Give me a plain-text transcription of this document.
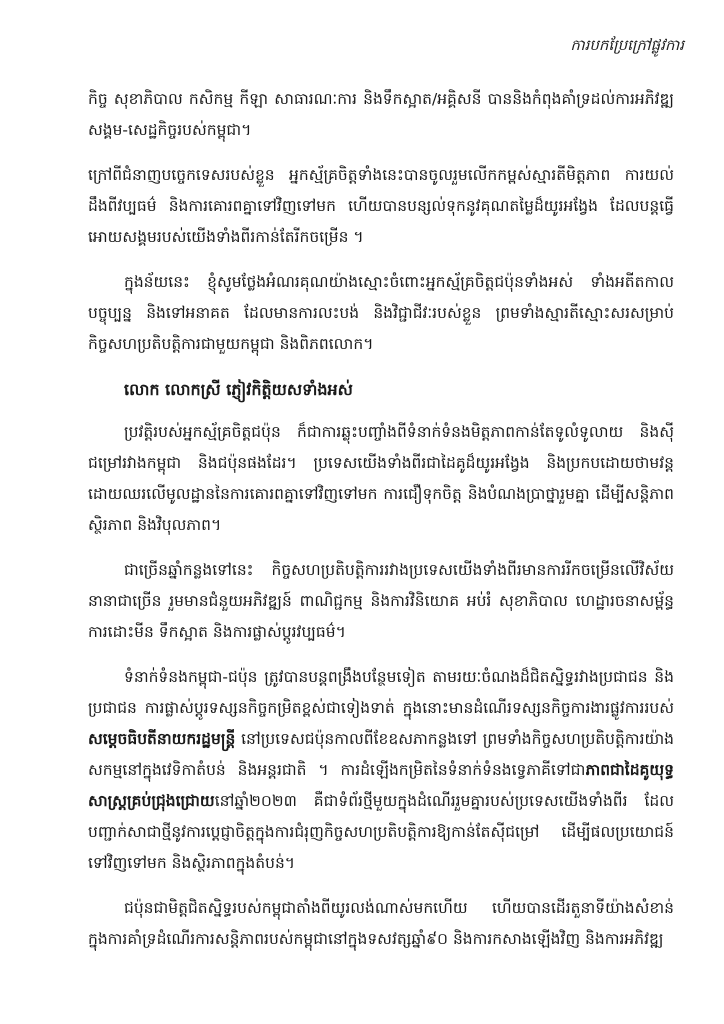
ការបកប្រែក្រៅផ្លូវការ

កិច្ច សុខាភិបាល កសិកម្ម កីឡា សាធារណៈការ និងទឹកស្អាត/អគ្គិសនី បាននិងកំពុងគាំទ្រដល់ការអភិវឌ្ឍសង្គម-សេដ្ឋកិច្ចរបស់កម្ពុជា។

ក្រៅពីជំនាញបច្ចេកទេសរបស់ខ្លួន អ្នកស្ម័គ្រចិត្តទាំងនេះបានចូលរួមលើកកម្ពស់ស្មារតីមិត្តភាព ការយល់ដឹងពីវប្បធម៌ និងការគោរពគ្នាទៅវិញទៅមក ហើយបានបន្សល់ទុកនូវគុណតម្លៃដ៏យូរអង្វែង ដែលបន្តធ្វើអោយសង្គមរបស់យើងទាំងពីរកាន់តែរីកចម្រើន ។

ក្នុងន័យនេះ ខ្ញុំសូមថ្លែងអំណរគុណយ៉ាងស្មោះចំពោះអ្នកស្ម័គ្រចិត្តជប៉ុនទាំងអស់ ទាំងអតីតកាល បច្ចុប្បន្ន និងទៅអនាគត ដែលមានការលះបង់ និងវិជ្ជាជីវៈរបស់ខ្លួន ព្រមទាំងស្មារតីស្មោះសរសម្រាប់កិច្ចសហប្រតិបត្តិការជាមួយកម្ពុជា និងពិភពលោក។

លោក លោកស្រី ភ្ញៀវកិត្តិយសទាំងអស់

ប្រវត្តិរបស់អ្នកស្ម័គ្រចិត្តជប៉ុន ក៏ជាការឆ្លុះបញ្ចាំងពីទំនាក់ទំនងមិត្តភាពកាន់តែទូលំទូលាយ និងស៊ីជម្រៅរវាងកម្ពុជា និងជប៉ុនផងដែរ។ ប្រទេសយើងទាំងពីរជាដៃគូដ៏យូរអង្វែង និងប្រកបដោយថាមវន្ត ដោយឈរលើមូលដ្ឋាននៃការគោរពគ្នាទៅវិញទៅមក ការជឿទុកចិត្ត និងបំណងប្រាថ្នារួមគ្នា ដើម្បីសន្តិភាព ស្ថិរភាព និងវិបុលភាព។

ជាច្រើនឆ្នាំកន្លងទៅនេះ កិច្ចសហប្រតិបត្តិការរវាងប្រទេសយើងទាំងពីរមានការរីកចម្រើនលើវិស័យនានាជាច្រើន រួមមានជំនួយអភិវឌ្ឍន៍ ពាណិជ្ជកម្ម និងការវិនិយោគ អប់រំ សុខាភិបាល ហេដ្ឋារចនាសម្ព័ន្ធ ការដោះមីន ទឹកស្អាត និងការផ្លាស់ប្តូរវប្បធម៌។

ទំនាក់ទំនងកម្ពុជា-ជប៉ុន ត្រូវបានបន្តពង្រឹងបន្ថែមទៀត តាមរយៈចំណងដ៏ជិតស្និទ្ធរវាងប្រជាជន និងប្រជាជន ការផ្លាស់ប្តូរទស្សនកិច្ចកម្រិតខ្ពស់ជាទៀងទាត់ ក្នុងនោះមានដំណើរទស្សនកិច្ចការងារផ្លូវការរបស់សម្តេចធិបតីនាយករដ្ឋមន្ត្រី នៅប្រទេសជប៉ុនកាលពីខែឧសភាកន្លងទៅ ព្រមទាំងកិច្ចសហប្រតិបត្តិការយ៉ាងសកម្មនៅក្នុងវេទិកាតំបន់ និងអន្តរជាតិ ។ ការដំឡើងកម្រិតនៃទំនាក់ទំនងទ្វេភាគីទៅជាភាពជាដៃគូយុទ្ធសាស្ត្រគ្រប់ជ្រុងជ្រោយនៅឆ្នាំ២០២៣ គឺជាទំព័រថ្មីមួយក្នុងដំណើររួមគ្នារបស់ប្រទេសយើងទាំងពីរ ដែលបញ្ជាក់សាជាថ្មីនូវការប្តេជ្ញាចិត្តក្នុងការជំរុញកិច្ចសហប្រតិបត្តិការឱ្យកាន់តែស៊ីជម្រៅ ដើម្បីផលប្រយោជន៍ទៅវិញទៅមក និងស្ថិរភាពក្នុងតំបន់។

ជប៉ុនជាមិត្តជិតស្និទ្ធរបស់កម្ពុជាតាំងពីយូរលង់ណាស់មកហើយ ហើយបានដើរតួនាទីយ៉ាងសំខាន់ក្នុងការគាំទ្រដំណើរការសន្តិភាពរបស់កម្ពុជានៅក្នុងទសវត្សឆ្នាំ៩០ និងការកសាងឡើងវិញ និងការអភិវឌ្ឍ
